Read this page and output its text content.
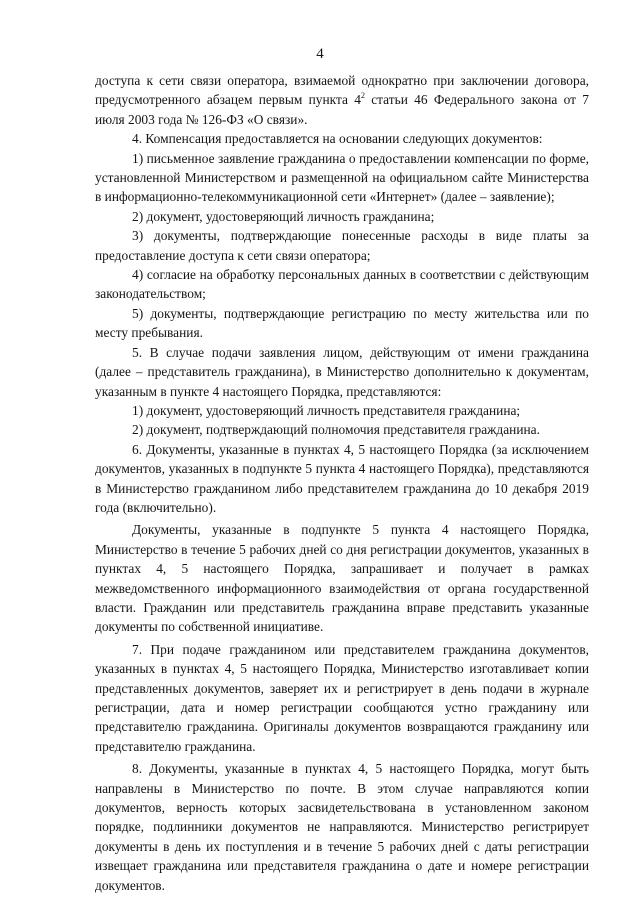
4

доступа к сети связи оператора, взимаемой однократно при заключении договора, предусмотренного абзацем первым пункта $4^2$ статьи 46 Федерального закона от 7 июля 2003 года № 126-ФЗ «О связи».

4. Компенсация предоставляется на основании следующих документов:

1) письменное заявление гражданина о предоставлении компенсации по форме, установленной Министерством и размещенной на официальном сайте Министерства в информационно-телекоммуникационной сети «Интернет» (далее – заявление);

2) документ, удостоверяющий личность гражданина;

3) документы, подтверждающие понесенные расходы в виде платы за предоставление доступа к сети связи оператора;

4) согласие на обработку персональных данных в соответствии с действующим законодательством;

5) документы, подтверждающие регистрацию по месту жительства или по месту пребывания.

5. В случае подачи заявления лицом, действующим от имени гражданина (далее – представитель гражданина), в Министерство дополнительно к документам, указанным в пункте 4 настоящего Порядка, представляются:

1) документ, удостоверяющий личность представителя гражданина;

2) документ, подтверждающий полномочия представителя гражданина.

6. Документы, указанные в пунктах 4, 5 настоящего Порядка (за исключением документов, указанных в подпункте 5 пункта 4 настоящего Порядка), представляются в Министерство гражданином либо представителем гражданина до 10 декабря 2019 года (включительно).

Документы, указанные в подпункте 5 пункта 4 настоящего Порядка, Министерство в течение 5 рабочих дней со дня регистрации документов, указанных в пунктах 4, 5 настоящего Порядка, запрашивает и получает в рамках межведомственного информационного взаимодействия от органа государственной власти. Гражданин или представитель гражданина вправе представить указанные документы по собственной инициативе.

7. При подаче гражданином или представителем гражданина документов, указанных в пунктах 4, 5 настоящего Порядка, Министерство изготавливает копии представленных документов, заверяет их и регистрирует в день подачи в журнале регистрации, дата и номер регистрации сообщаются устно гражданину или представителю гражданина. Оригиналы документов возвращаются гражданину или представителю гражданина.

8. Документы, указанные в пунктах 4, 5 настоящего Порядка, могут быть направлены в Министерство по почте. В этом случае направляются копии документов, верность которых засвидетельствована в установленном законом порядке, подлинники документов не направляются. Министерство регистрирует документы в день их поступления и в течение 5 рабочих дней с даты регистрации извещает гражданина или представителя гражданина о дате и номере регистрации документов.
